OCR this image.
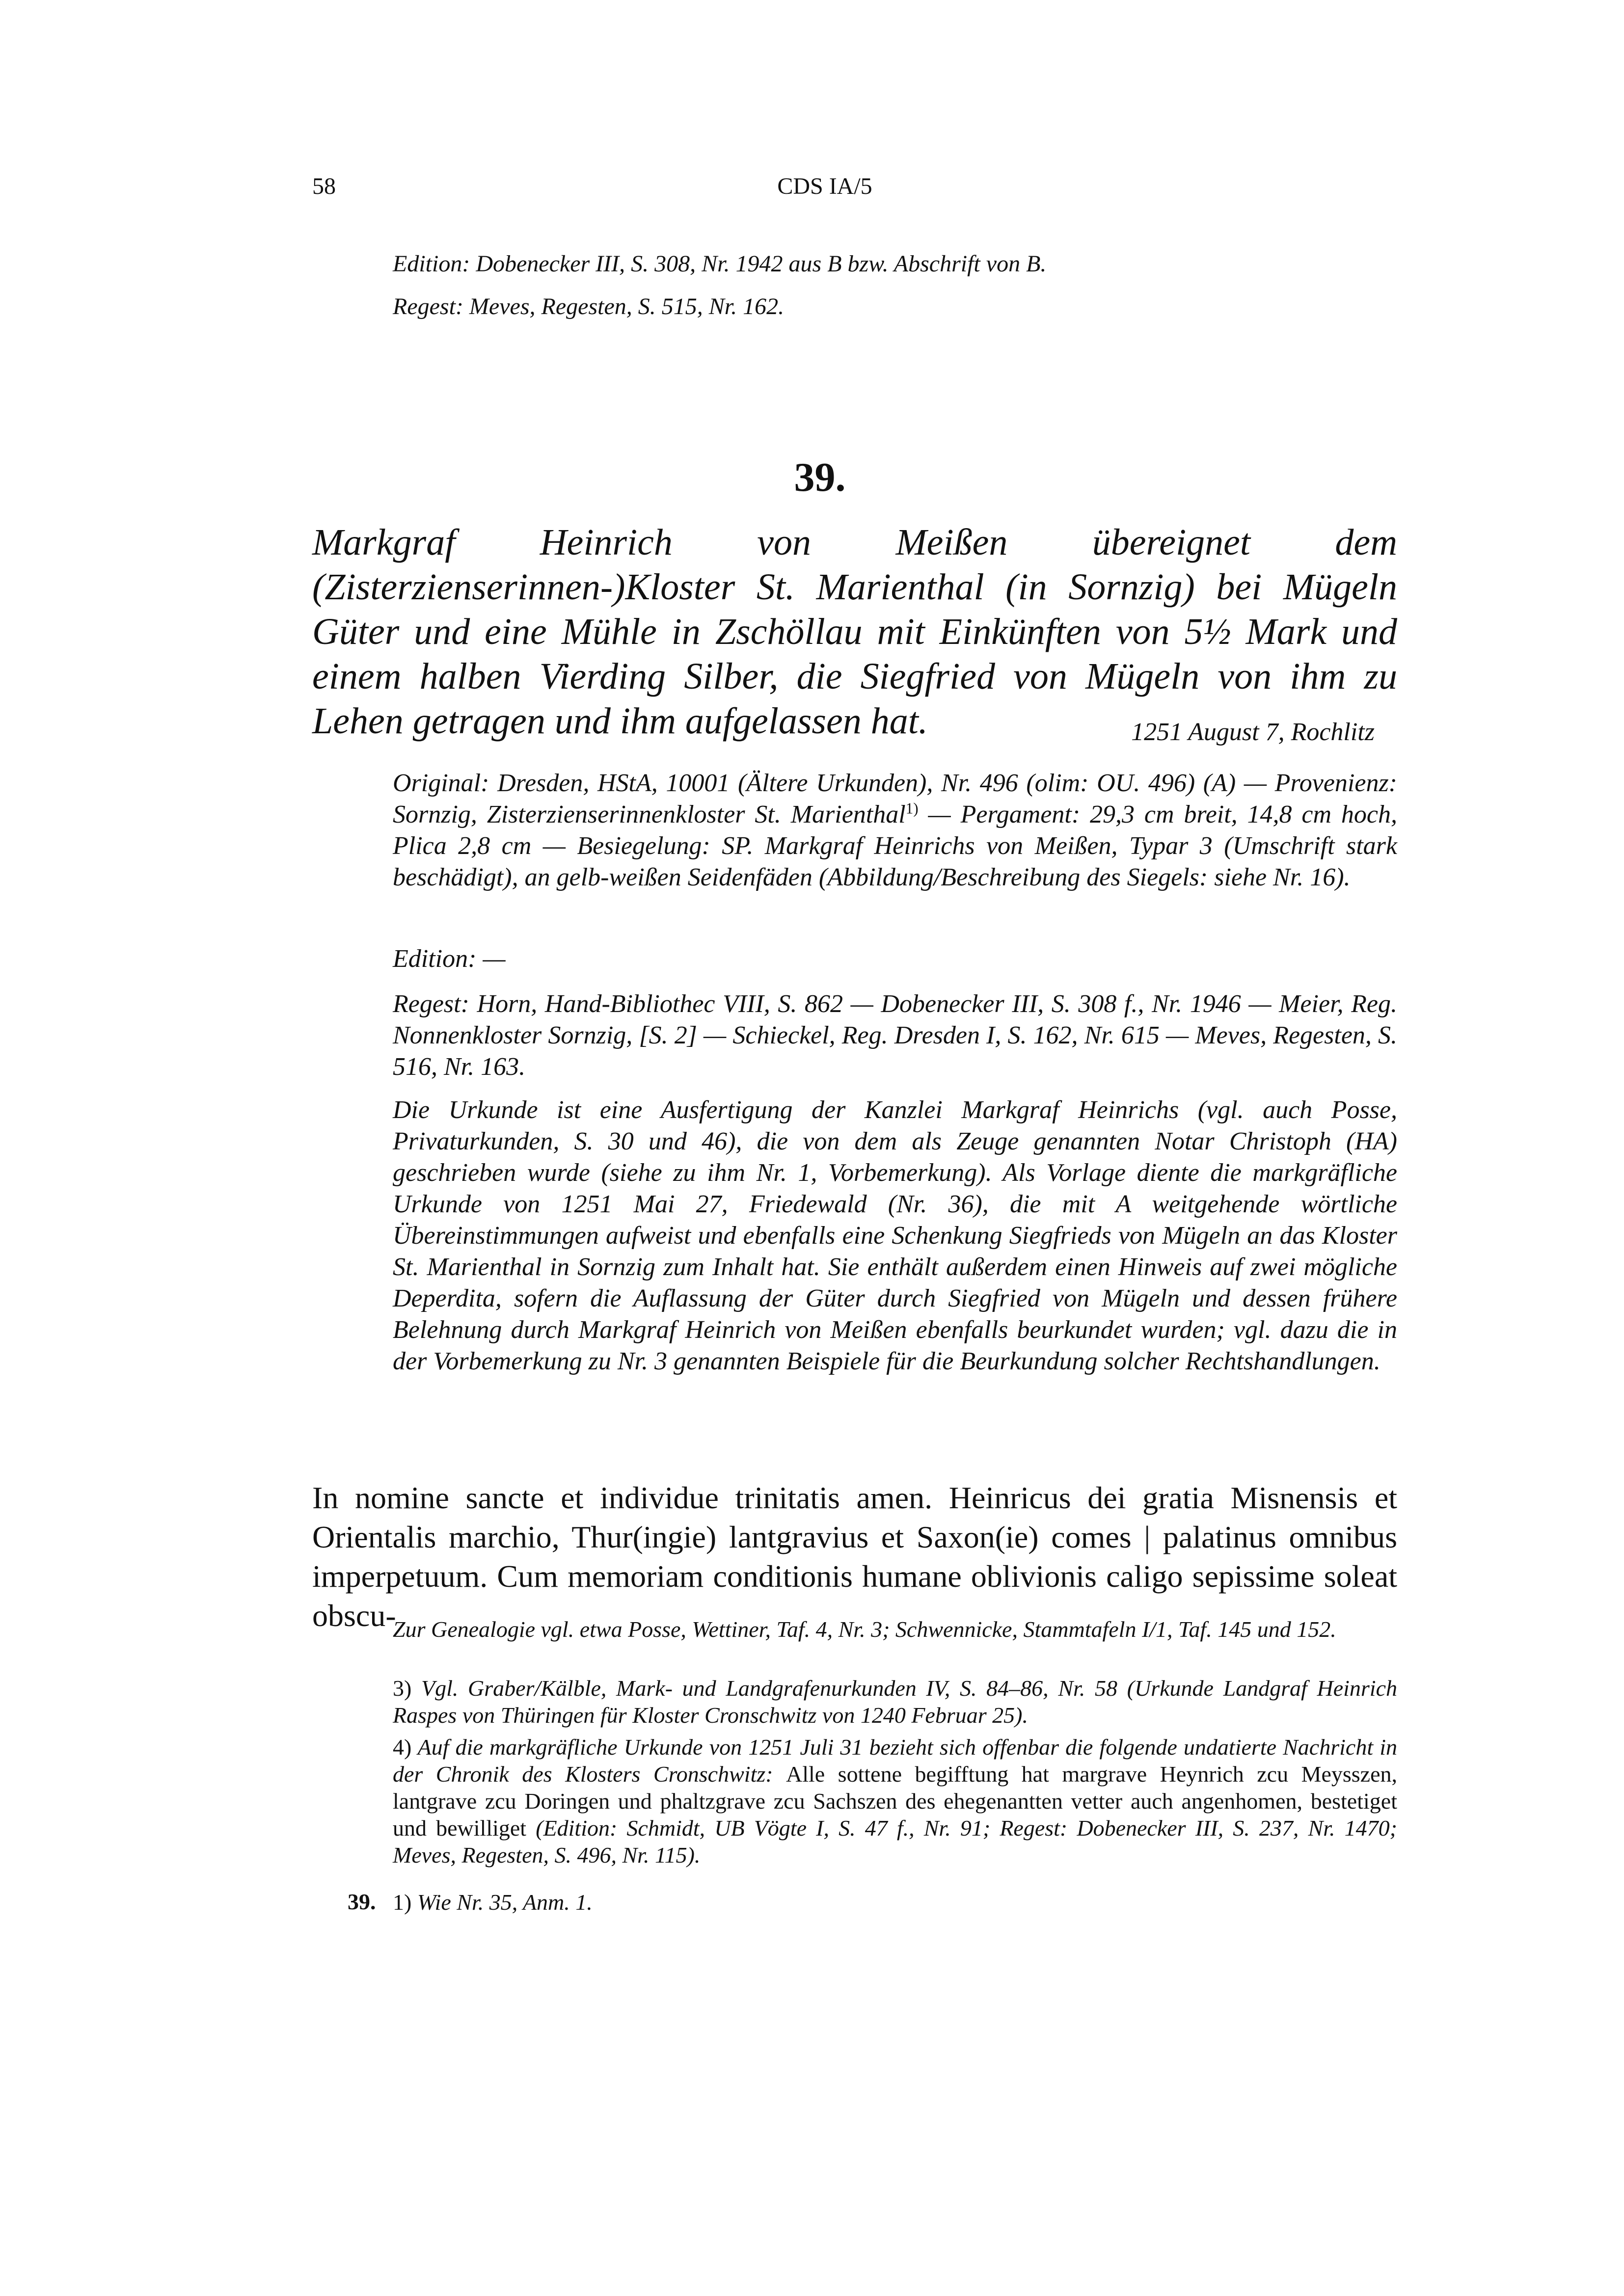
58	CDS IA/5
Edition: Dobenecker III, S. 308, Nr. 1942 aus B bzw. Abschrift von B.
Regest: Meves, Regesten, S. 515, Nr. 162.
39.

Markgraf Heinrich von Meißen übereignet dem (Zisterzienserinnen-)Kloster St. Marienthal (in Sornzig) bei Mügeln Güter und eine Mühle in Zschöllau mit Einkünften von 5½ Mark und einem halben Vierding Silber, die Siegfried von Mügeln von ihm zu Lehen getragen und ihm aufgelassen hat.	1251 August 7, Rochlitz

Original: Dresden, HStA, 10001 (Ältere Urkunden), Nr. 496 (olim: OU. 496) (A) — Provenienz: Sornzig, Zisterzienserinnenkloster St. Marienthal$^{1)}$ — Pergament: 29,3 cm breit, 14,8 cm hoch, Plica 2,8 cm — Besiegelung: SP. Markgraf Heinrichs von Meißen, Typar 3 (Umschrift stark beschädigt), an gelb-weißen Seidenfäden (Abbildung/Beschreibung des Siegels: siehe Nr. 16).

Edition: —

Regest: Horn, Hand-Bibliothec VIII, S. 862 — Dobenecker III, S. 308 f., Nr. 1946 — Meier, Reg. Nonnenkloster Sornzig, [S. 2] — Schieckel, Reg. Dresden I, S. 162, Nr. 615 — Meves, Regesten, S. 516, Nr. 163.

Die Urkunde ist eine Ausfertigung der Kanzlei Markgraf Heinrichs (vgl. auch Posse, Privaturkunden, S. 30 und 46), die von dem als Zeuge genannten Notar Christoph (HA) geschrieben wurde (siehe zu ihm Nr. 1, Vorbemerkung). Als Vorlage diente die markgräfliche Urkunde von 1251 Mai 27, Friedewald (Nr. 36), die mit A weitgehende wörtliche Übereinstimmungen aufweist und ebenfalls eine Schenkung Siegfrieds von Mügeln an das Kloster St. Marienthal in Sornzig zum Inhalt hat. Sie enthält außerdem einen Hinweis auf zwei mögliche Deperdita, sofern die Auflassung der Güter durch Siegfried von Mügeln und dessen frühere Belehnung durch Markgraf Heinrich von Meißen ebenfalls beurkundet wurden; vgl. dazu die in der Vorbemerkung zu Nr. 3 genannten Beispiele für die Beurkundung solcher Rechtshandlungen.

In nomine sancte et individue trinitatis amen. Heinricus dei gratia Misnensis et Orientalis marchio, Thur(ingie) lantgravius et Saxon(ie) comes | palatinus omnibus imperpetuum. Cum memoriam conditionis humane oblivionis caligo sepissime soleat obscu-

Zur Genealogie vgl. etwa Posse, Wettiner, Taf. 4, Nr. 3; Schwennicke, Stammtafeln I/1, Taf. 145 und 152.

3) Vgl. Graber/Kälble, Mark- und Landgrafenurkunden IV, S. 84–86, Nr. 58 (Urkunde Landgraf Heinrich Raspes von Thüringen für Kloster Cronschwitz von 1240 Februar 25).

4) Auf die markgräfliche Urkunde von 1251 Juli 31 bezieht sich offenbar die folgende undatierte Nachricht in der Chronik des Klosters Cronschwitz: Alle sottene begifftung hat margrave Heynrich zcu Meysszen, lantgrave zcu Doringen und phaltzgrave zcu Sachszen des ehegenantten vetter auch angenhomen, bestetiget und bewilliget (Edition: Schmidt, UB Vögte I, S. 47 f., Nr. 91; Regest: Dobenecker III, S. 237, Nr. 1470; Meves, Regesten, S. 496, Nr. 115).

39. 1) Wie Nr. 35, Anm. 1.
